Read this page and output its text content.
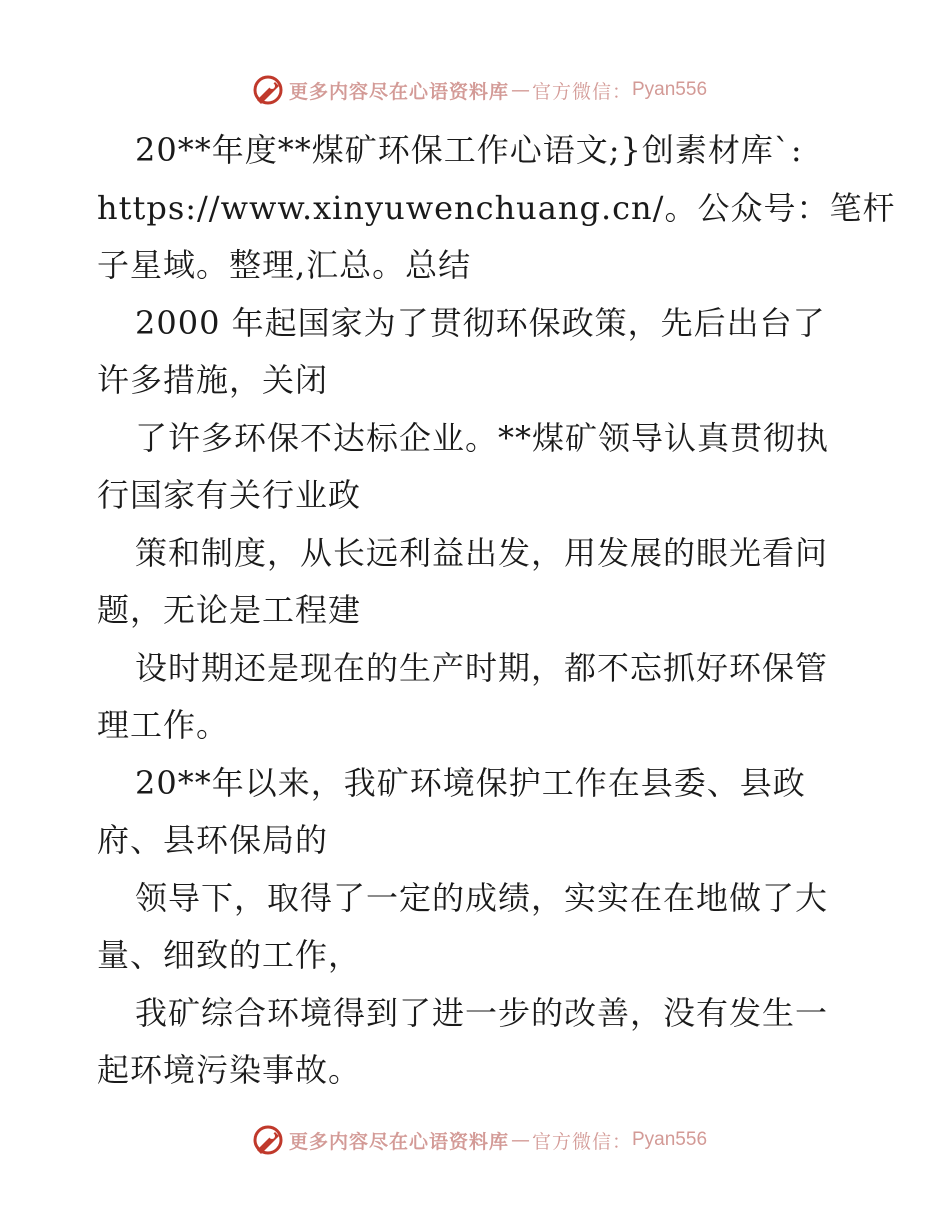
更多内容尽在心语资料库 — 官方微信： Pyan556
20**年度**煤矿环保工作心语文;}创素材库`:
https://www.xinyuwenchuang.cn/。公众号：笔杆
子星域。整理,汇总。总结
2000 年起国家为了贯彻环保政策，先后出台了
许多措施，关闭
了许多环保不达标企业。**煤矿领导认真贯彻执
行国家有关行业政
策和制度，从长远利益出发，用发展的眼光看问
题，无论是工程建
设时期还是现在的生产时期，都不忘抓好环保管
理工作。
20**年以来，我矿环境保护工作在县委、县政
府、县环保局的
领导下，取得了一定的成绩，实实在在地做了大
量、细致的工作，
我矿综合环境得到了进一步的改善，没有发生一
起环境污染事故。
更多内容尽在心语资料库 — 官方微信： Pyan556
